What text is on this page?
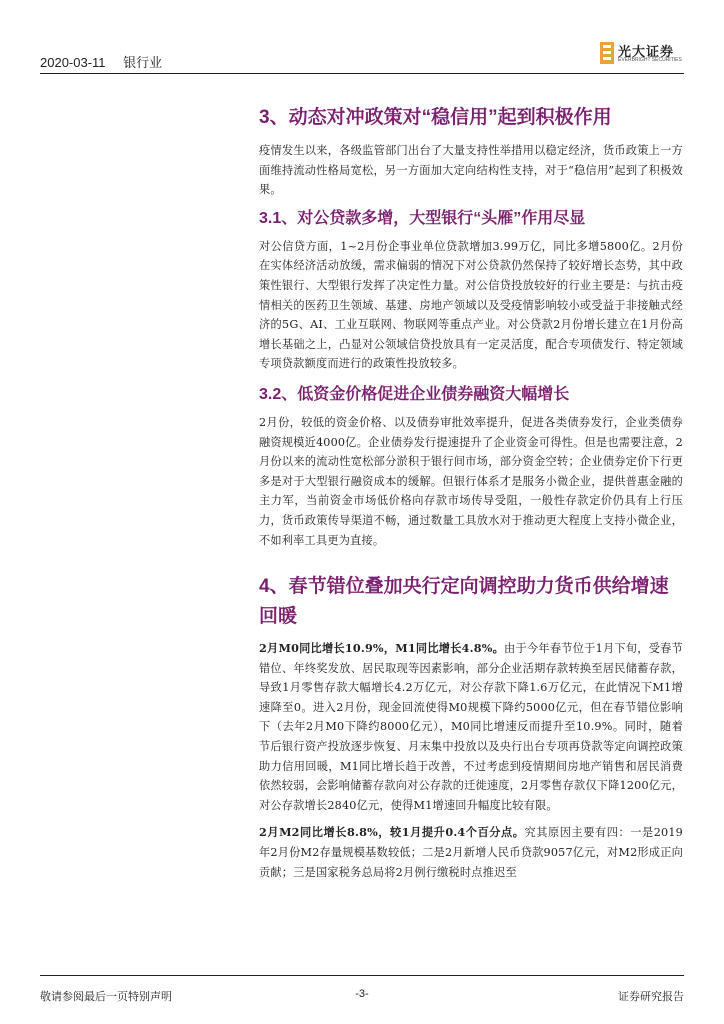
2020-03-11 银行业
光大证券
EVERBRIGHT SECURITIES
3、动态对冲政策对“稳信用”起到积极作用

疫情发生以来，各级监管部门出台了大量支持性举措用以稳定经济，货币政策上一方面维持流动性格局宽松，另一方面加大定向结构性支持，对于“稳信用”起到了积极效果。

3.1、对公贷款多增，大型银行“头雁”作用尽显

对公信贷方面，1~2月份企事业单位贷款增加3.99万亿，同比多增5800亿。2月份在实体经济活动放缓，需求偏弱的情况下对公贷款仍然保持了较好增长态势，其中政策性银行、大型银行发挥了决定性力量。对公信贷投放较好的行业主要是：与抗击疫情相关的医药卫生领域、基建、房地产领域以及受疫情影响较小或受益于非接触式经济的5G、AI、工业互联网、物联网等重点产业。对公贷款2月份增长建立在1月份高增长基础之上，凸显对公领域信贷投放具有一定灵活度，配合专项债发行、特定领域专项贷款额度而进行的政策性投放较多。

3.2、低资金价格促进企业债券融资大幅增长

2月份，较低的资金价格、以及债券审批效率提升，促进各类债券发行，企业类债券融资规模近4000亿。企业债券发行提速提升了企业资金可得性。但是也需要注意，2月份以来的流动性宽松部分淤积于银行间市场，部分资金空转；企业债券定价下行更多是对于大型银行融资成本的缓解。但银行体系才是服务小微企业，提供普惠金融的主力军，当前资金市场低价格向存款市场传导受阻，一般性存款定价仍具有上行压力，货币政策传导渠道不畅，通过数量工具放水对于推动更大程度上支持小微企业，不如利率工具更为直接。

4、春节错位叠加央行定向调控助力货币供给增速回暖

2月M0同比增长10.9%，M1同比增长4.8%。由于今年春节位于1月下旬，受春节错位、年终奖发放、居民取现等因素影响，部分企业活期存款转换至居民储蓄存款，导致1月零售存款大幅增长4.2万亿元，对公存款下降1.6万亿元，在此情况下M1增速降至0。进入2月份，现金回流使得M0规模下降约5000亿元，但在春节错位影响下（去年2月M0下降约8000亿元），M0同比增速反而提升至10.9%。同时，随着节后银行资产投放逐步恢复、月末集中投放以及央行出台专项再贷款等定向调控政策助力信用回暖，M1同比增长趋于改善，不过考虑到疫情期间房地产销售和居民消费依然较弱，会影响储蓄存款向对公存款的迁徙速度，2月零售存款仅下降1200亿元，对公存款增长2840亿元，使得M1增速回升幅度比较有限。

2月M2同比增长8.8%，较1月提升0.4个百分点。究其原因主要有四：一是2019年2月份M2存量规模基数较低；二是2月新增人民币贷款9057亿元，对M2形成正向贡献；三是国家税务总局将2月例行缴税时点推迟至

敬请参阅最后一页特别声明	-3-	证券研究报告
